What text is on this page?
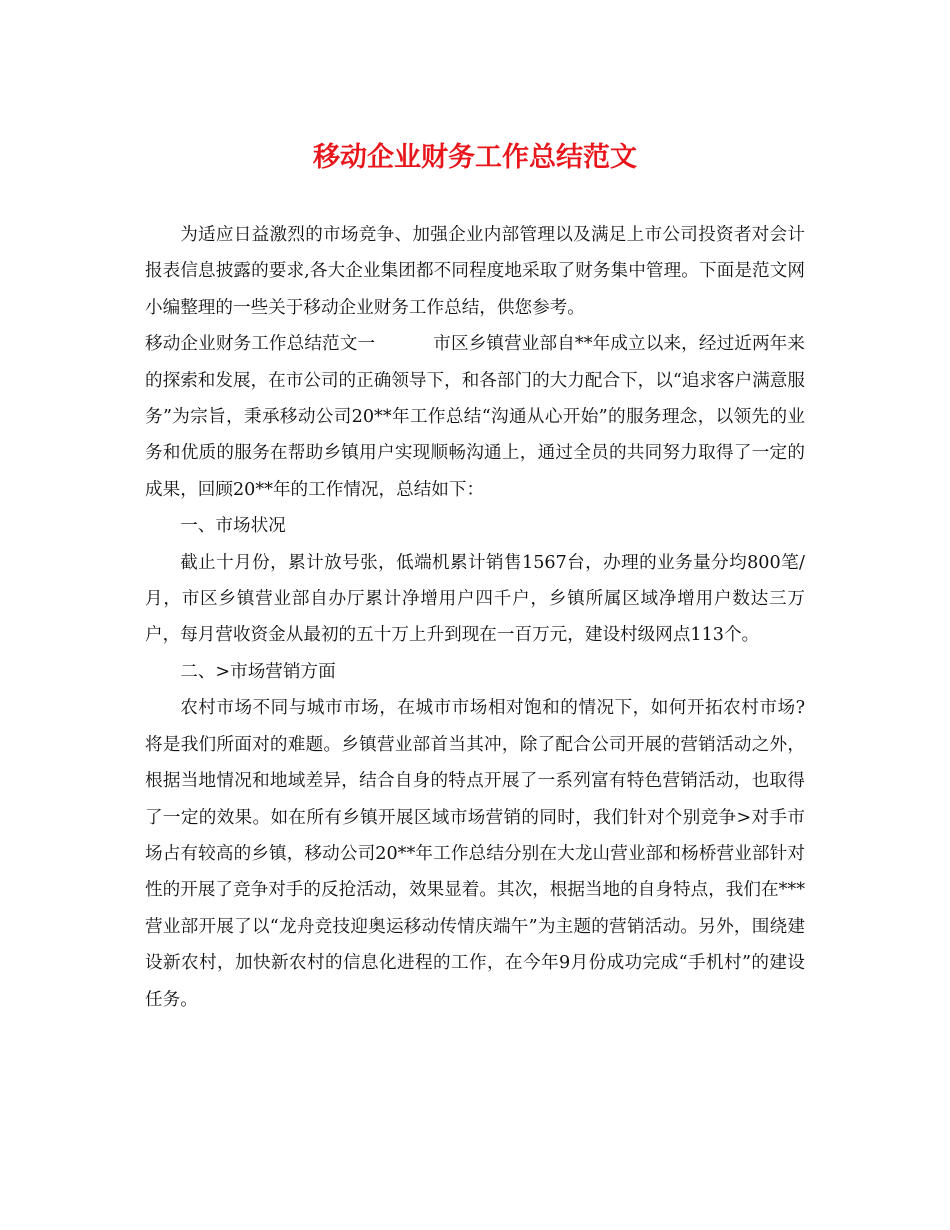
移动企业财务工作总结范文

为适应日益激烈的市场竞争、加强企业内部管理以及满足上市公司投资者对会计报表信息披露的要求,各大企业集团都不同程度地采取了财务集中管理。下面是范文网小编整理的一些关于移动企业财务工作总结，供您参考。

移动企业财务工作总结范文一	市区乡镇营业部自**年成立以来，经过近两年来的探索和发展，在市公司的正确领导下，和各部门的大力配合下，以“追求客户满意服务”为宗旨，秉承移动公司20**年工作总结“沟通从心开始”的服务理念，以领先的业务和优质的服务在帮助乡镇用户实现顺畅沟通上，通过全员的共同努力取得了一定的成果，回顾20**年的工作情况，总结如下：

一、市场状况

截止十月份，累计放号张，低端机累计销售1567台，办理的业务量分均800笔/月，市区乡镇营业部自办厅累计净增用户四千户，乡镇所属区域净增用户数达三万户，每月营收资金从最初的五十万上升到现在一百万元，建设村级网点113个。

二、>市场营销方面

农村市场不同与城市市场，在城市市场相对饱和的情况下，如何开拓农村市场?将是我们所面对的难题。乡镇营业部首当其冲，除了配合公司开展的营销活动之外，根据当地情况和地域差异，结合自身的特点开展了一系列富有特色营销活动，也取得了一定的效果。如在所有乡镇开展区域市场营销的同时，我们针对个别竞争>对手市场占有较高的乡镇，移动公司20**年工作总结分别在大龙山营业部和杨桥营业部针对性的开展了竞争对手的反抢活动，效果显着。其次，根据当地的自身特点，我们在***营业部开展了以“龙舟竞技迎奥运移动传情庆端午”为主题的营销活动。另外，围绕建设新农村，加快新农村的信息化进程的工作，在今年9月份成功完成“手机村”的建设任务。
